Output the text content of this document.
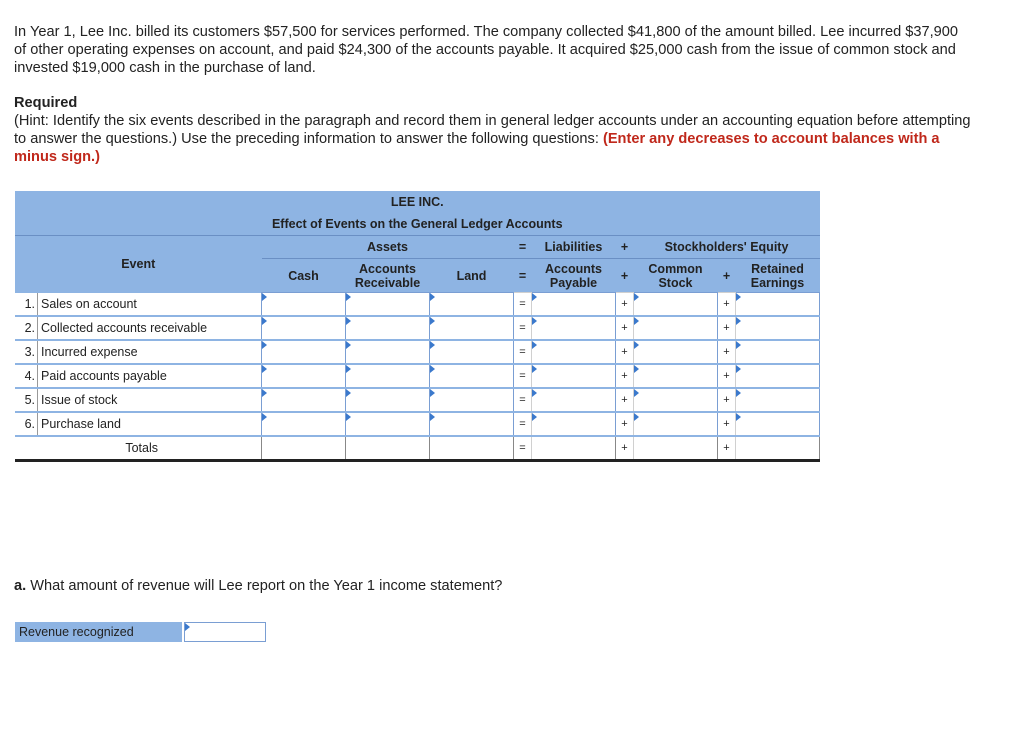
In Year 1, Lee Inc. billed its customers $57,500 for services performed. The company collected $41,800 of the amount billed. Lee incurred $37,900 of other operating expenses on account, and paid $24,300 of the accounts payable. It acquired $25,000 cash from the issue of common stock and invested $19,000 cash in the purchase of land.
Required
(Hint: Identify the six events described in the paragraph and record them in general ledger accounts under an accounting equation before attempting to answer the questions.) Use the preceding information to answer the following questions: (Enter any decreases to account balances with a minus sign.)
LEE INC.										
Effect of Events on the General Ledger Accounts										
Event		Assets			=	Liabilities	+	Stockholders' Equity		
		Cash	Accounts Receivable	Land	=	Accounts Payable	+	Common Stock	+	Retained Earnings
1.	Sales on account				=		+		+	

2.	Collected accounts receivable				=		+		+	

3.	Incurred expense				=		+		+	

4.	Paid accounts payable				=		+		+	

5.	Issue of stock				=		+		+	

6.	Purchase land				=		+		+	

Totals					=		+		+	
a. What amount of revenue will Lee report on the Year 1 income statement?
Revenue recognized
